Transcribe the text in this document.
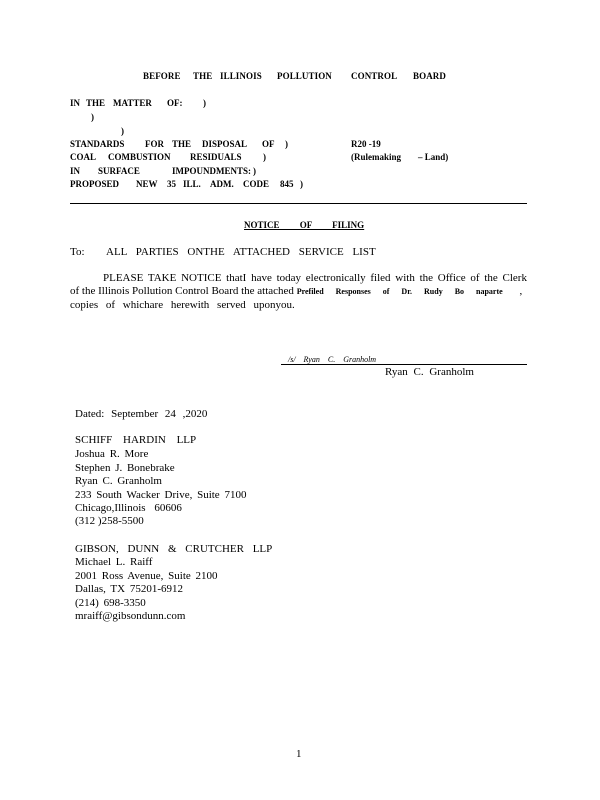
BEFORE THE ILLINOIS POLLUTION CONTROL BOARD
IN THE MATTER OF: )
)
)
STANDARDS FOR THE DISPOSAL OF )
COAL COMBUSTION RESIDUALS )
IN SURFACE	IMPOUNDMENTS: )
PROPOSED NEW 35 ILL. ADM. CODE 845 )
R20 -19
(Rulemaking – Land)
NOTICE OF FILING
To: ALL PARTIES ONTHE ATTACHED SERVICE LIST
PLEASE TAKE NOTICE thatI have today electronically filed with the Office of the Clerk
of the Illinois Pollution Control Board the attached Prefiled Responses of Dr. Rudy Bo naparte ,
copies of whichare herewith served uponyou.
/s/ Ryan C. Granholm
Ryan C. Granholm
Dated: September 24 ,2020
SCHIFF HARDIN LLP
Joshua R. More
Stephen J. Bonebrake
Ryan C. Granholm
233 South Wacker Drive, Suite 7100
Chicago,Illinois 60606
(312 )258-5500
GIBSON, DUNN & CRUTCHER LLP
Michael L. Raiff
2001 Ross Avenue, Suite 2100
Dallas, TX 75201-6912
(214) 698-3350
mraiff@gibsondunn.com
1
